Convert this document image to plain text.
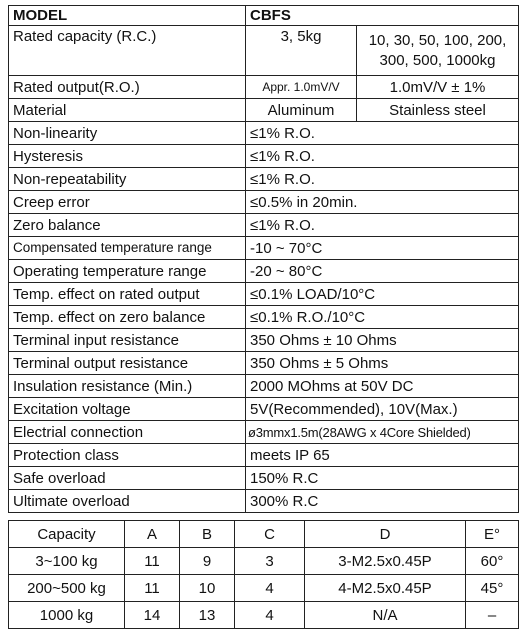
MODEL	CBFS	
Rated capacity (R.C.)	3, 5kg	10, 30, 50, 100, 200, 300, 500, 1000kg
Rated output(R.O.)	Appr. 1.0mV/V	1.0mV/V ± 1%
Material	Aluminum	Stainless steel
Non-linearity	≤1% R.O.	
Hysteresis	≤1% R.O.	
Non-repeatability	≤1% R.O.	
Creep error	≤0.5% in 20min.	
Zero balance	≤1% R.O.	
Compensated temperature range	-10 ~ 70°C	
Operating temperature range	-20 ~ 80°C	
Temp. effect on rated output	≤0.1% LOAD/10°C	
Temp. effect on zero balance	≤0.1% R.O./10°C	
Terminal input resistance	350 Ohms ± 10 Ohms	
Terminal output resistance	350 Ohms ± 5 Ohms	
Insulation resistance (Min.)	2000 MOhms at 50V DC	
Excitation voltage	5V(Recommended), 10V(Max.)	
Electrial connection	ø3mmx1.5m(28AWG x 4Core Shielded)	
Protection class	meets IP 65	
Safe overload	150% R.C	
Ultimate overload	300% R.C	
Capacity	A	B	C	D	E°
3~100 kg	11	9	3	3-M2.5x0.45P	60°
200~500 kg	11	10	4	4-M2.5x0.45P	45°
1000 kg	14	13	4	N/A	–
